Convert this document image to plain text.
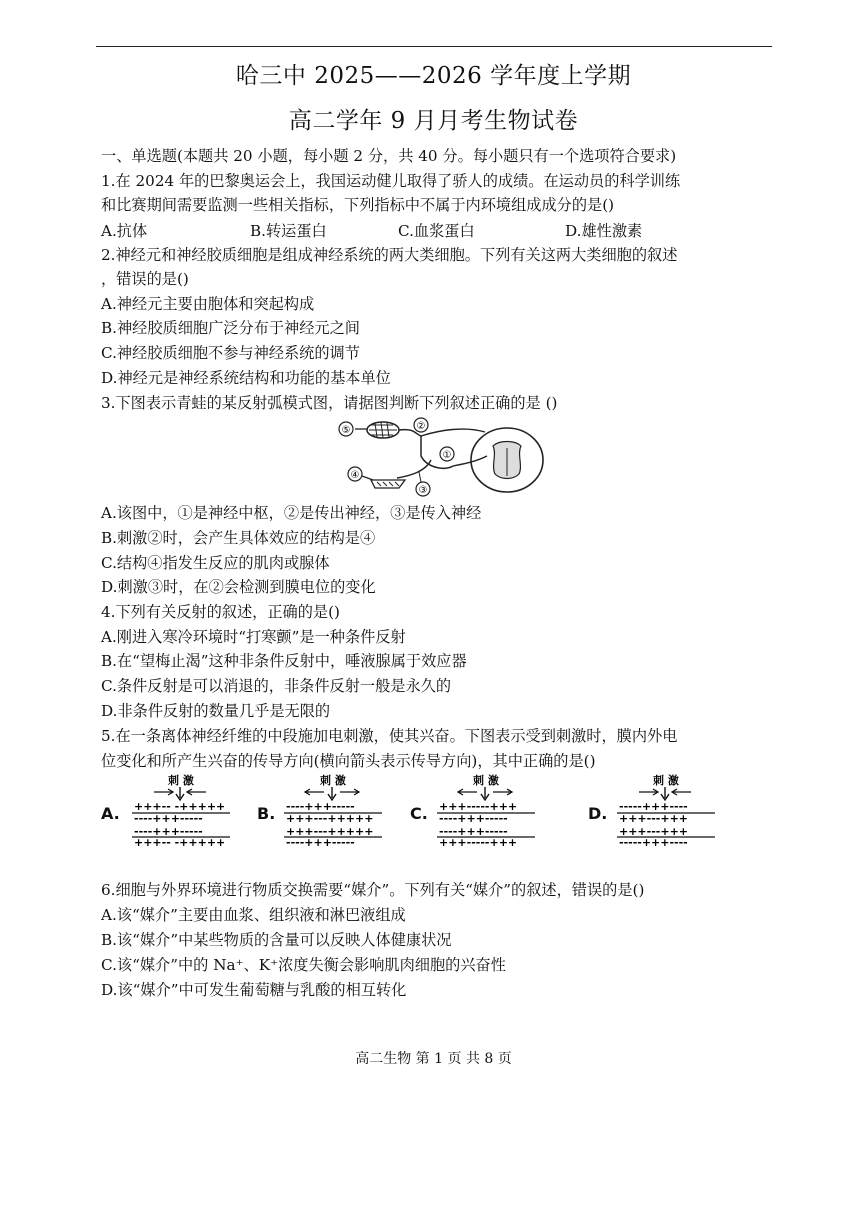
哈三中 2025——2026 学年度上学期
高二学年 9 月月考生物试卷
一、单选题(本题共 20 小题，每小题 2 分，共 40 分。每小题只有一个选项符合要求)
1.在 2024 年的巴黎奥运会上，我国运动健儿取得了骄人的成绩。在运动员的科学训练
和比赛期间需要监测一些相关指标，下列指标中不属于内环境组成成分的是()
A.抗体	B.转运蛋白	C.血浆蛋白	D.雄性激素
2.神经元和神经胶质细胞是组成神经系统的两大类细胞。下列有关这两大类细胞的叙述
，错误的是()
A.神经元主要由胞体和突起构成
B.神经胶质细胞广泛分布于神经元之间
C.神经胶质细胞不参与神经系统的调节
D.神经元是神经系统结构和功能的基本单位
3.下图表示青蛙的某反射弧模式图，请据图判断下列叙述正确的是 ()
⑤	②
①
④
③
A.该图中，①是神经中枢，②是传出神经，③是传入神经
B.刺激②时，会产生具体效应的结构是④
C.结构④指发生反应的肌肉或腺体
D.刺激③时，在②会检测到膜电位的变化
4.下列有关反射的叙述，正确的是()
A.刚进入寒冷环境时“打寒颤”是一种条件反射
B.在“望梅止渴”这种非条件反射中，唾液腺属于效应器
C.条件反射是可以消退的，非条件反射一般是永久的
D.非条件反射的数量几乎是无限的
5.在一条离体神经纤维的中段施加电刺激，使其兴奋。下图表示受到刺激时，膜内外电
位变化和所产生兴奋的传导方向(横向箭头表示传导方向)，其中正确的是()
A.	B.	C.	D.
刺 激
+++-- -+++++
----+++-----
----+++-----
+++-- -+++++
刺 激
----+++-----
+++---+++++
+++---+++++
----+++-----
刺 激
+++-----+++
----+++-----
----+++-----
+++-----+++
刺 激
-----+++----
+++---+++
+++---+++
-----+++----
6.细胞与外界环境进行物质交换需要“媒介”。下列有关“媒介”的叙述，错误的是()
A.该“媒介”主要由血浆、组织液和淋巴液组成
B.该“媒介”中某些物质的含量可以反映人体健康状况
C.该“媒介”中的 Na⁺、K⁺浓度失衡会影响肌肉细胞的兴奋性
D.该“媒介”中可发生葡萄糖与乳酸的相互转化
高二生物 第 1 页 共 8 页
